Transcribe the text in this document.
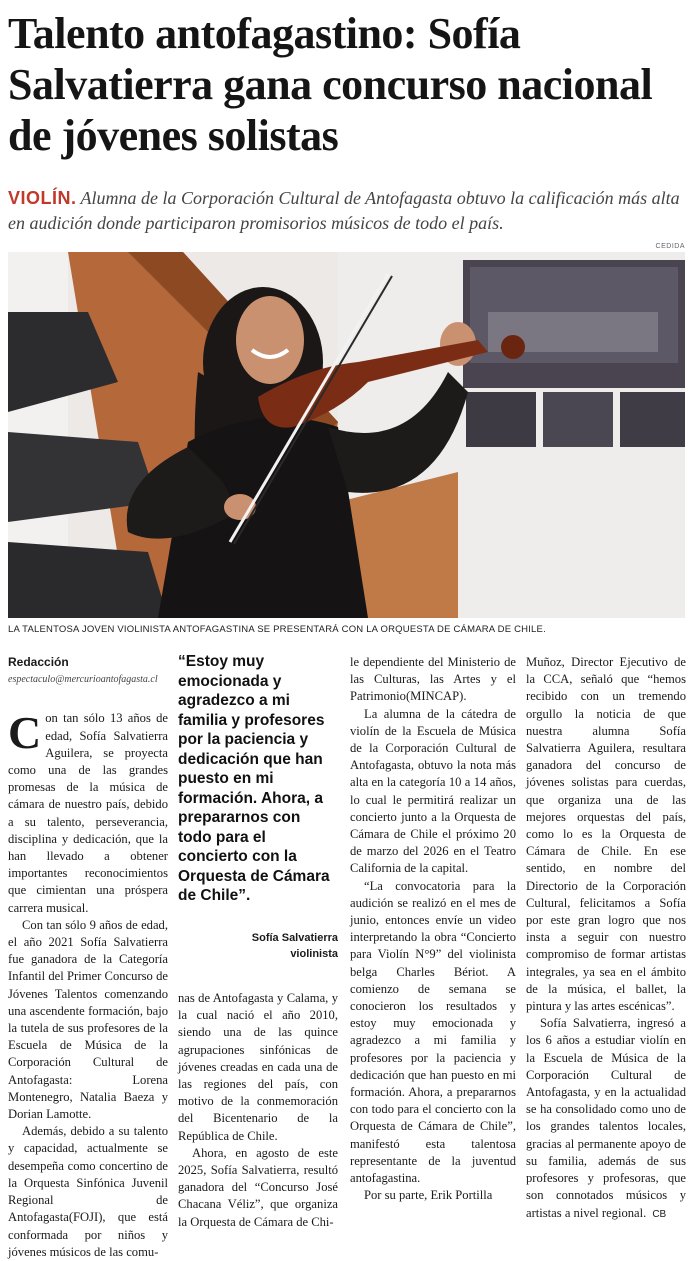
Talento antofagastino: Sofía Salvatierra gana concurso nacional de jóvenes solistas

VIOLÍN. Alumna de la Corporación Cultural de Antofagasta obtuvo la calificación más alta en audición donde participaron promisorios músicos de todo el país.

CEDIDA

LA TALENTOSA JOVEN VIOLINISTA ANTOFAGASTINA SE PRESENTARÁ CON LA ORQUESTA DE CÁMARA DE CHILE.

Redacción

espectaculo@mercurioantofagasta.cl

Con tan sólo 13 años de edad, Sofía Salvatierra Aguilera, se proyecta como una de las grandes promesas de la música de cámara de nuestro país, debido a su talento, perseverancia, disciplina y dedicación, que la han llevado a obtener importantes reconocimientos que cimientan una próspera carrera musical.

Con tan sólo 9 años de edad, el año 2021 Sofía Salvatierra fue ganadora de la Categoría Infantil del Primer Concurso de Jóvenes Talentos comenzando una ascendente formación, bajo la tutela de sus profesores de la Escuela de Música de la Corporación Cultural de Antofagasta: Lorena Montenegro, Natalia Baeza y Dorian Lamotte.

Además, debido a su talento y capacidad, actualmente se desempeña como concertino de la Orquesta Sinfónica Juvenil Regional de Antofagasta(FOJI), que está conformada por niños y jóvenes músicos de las comu-

“Estoy muy emocionada y agradezco a mi familia y profesores por la paciencia y dedicación que han puesto en mi formación. Ahora, a prepararnos con todo para el concierto con la Orquesta de Cámara de Chile”.

Sofía Salvatierra

violinista

nas de Antofagasta y Calama, y la cual nació el año 2010, siendo una de las quince agrupaciones sinfónicas de jóvenes creadas en cada una de las regiones del país, con motivo de la conmemoración del Bicentenario de la República de Chile.

Ahora, en agosto de este 2025, Sofía Salvatierra, resultó ganadora del “Concurso José Chacana Véliz”, que organiza la Orquesta de Cámara de Chi-

le dependiente del Ministerio de las Culturas, las Artes y el Patrimonio(MINCAP).

La alumna de la cátedra de violín de la Escuela de Música de la Corporación Cultural de Antofagasta, obtuvo la nota más alta en la categoría 10 a 14 años, lo cual le permitirá realizar un concierto junto a la Orquesta de Cámara de Chile el próximo 20 de marzo del 2026 en el Teatro California de la capital.

“La convocatoria para la audición se realizó en el mes de junio, entonces envíe un video interpretando la obra “Concierto para Violín N°9” del violinista belga Charles Bériot. A comienzo de semana se conocieron los resultados y estoy muy emocionada y agradezco a mi familia y profesores por la paciencia y dedicación que han puesto en mi formación. Ahora, a prepararnos con todo para el concierto con la Orquesta de Cámara de Chile”, manifestó esta talentosa representante de la juventud antofagastina.

Por su parte, Erik Portilla

Muñoz, Director Ejecutivo de la CCA, señaló que “hemos recibido con un tremendo orgullo la noticia de que nuestra alumna Sofía Salvatierra Aguilera, resultara ganadora del concurso de jóvenes solistas para cuerdas, que organiza una de las mejores orquestas del país, como lo es la Orquesta de Cámara de Chile. En ese sentido, en nombre del Directorio de la Corporación Cultural, felicitamos a Sofía por este gran logro que nos insta a seguir con nuestro compromiso de formar artistas integrales, ya sea en el ámbito de la música, el ballet, la pintura y las artes escénicas”.

Sofía Salvatierra, ingresó a los 6 años a estudiar violín en la Escuela de Música de la Corporación Cultural de Antofagasta, y en la actualidad se ha consolidado como uno de los grandes talentos locales, gracias al permanente apoyo de su familia, además de sus profesores y profesoras, que son connotados músicos y artistas a nivel regional. CB
